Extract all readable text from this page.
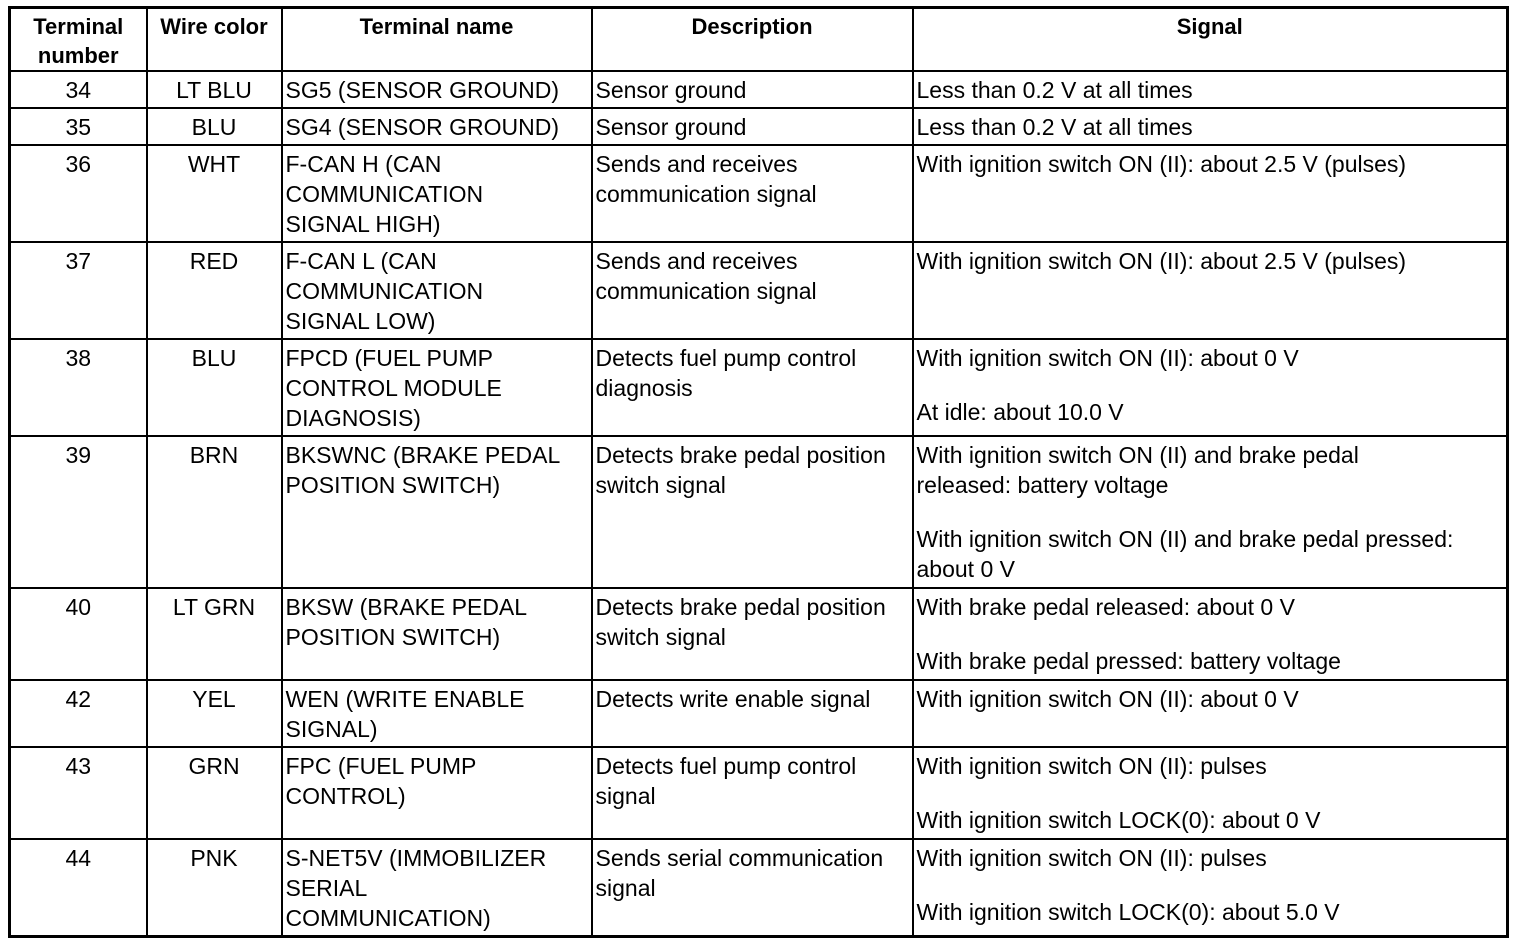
Terminal
number	Wire color	Terminal name	Description	Signal
34	LT BLU	SG5 (SENSOR GROUND)	Sensor ground	Less than 0.2 V at all times

35	BLU	SG4 (SENSOR GROUND)	Sensor ground	Less than 0.2 V at all times

36	WHT	F-CAN H (CAN
COMMUNICATION
SIGNAL HIGH)	Sends and receives
communication signal	With ignition switch ON (II): about 2.5 V (pulses)

37	RED	F-CAN L (CAN
COMMUNICATION
SIGNAL LOW)	Sends and receives
communication signal	With ignition switch ON (II): about 2.5 V (pulses)

38	BLU	FPCD (FUEL PUMP
CONTROL MODULE
DIAGNOSIS)	Detects fuel pump control
diagnosis	With ignition switch ON (II): about 0 V
At idle: about 10.0 V

39	BRN	BKSWNC (BRAKE PEDAL
POSITION SWITCH)	Detects brake pedal position
switch signal	With ignition switch ON (II) and brake pedal
released: battery voltage
With ignition switch ON (II) and brake pedal pressed:
about 0 V

40	LT GRN	BKSW (BRAKE PEDAL
POSITION SWITCH)	Detects brake pedal position
switch signal	With brake pedal released: about 0 V
With brake pedal pressed: battery voltage

42	YEL	WEN (WRITE ENABLE
SIGNAL)	Detects write enable signal	With ignition switch ON (II): about 0 V

43	GRN	FPC (FUEL PUMP
CONTROL)	Detects fuel pump control
signal	With ignition switch ON (II): pulses
With ignition switch LOCK(0): about 0 V

44	PNK	S-NET5V (IMMOBILIZER
SERIAL
COMMUNICATION)	Sends serial communication
signal	With ignition switch ON (II): pulses
With ignition switch LOCK(0): about 5.0 V
